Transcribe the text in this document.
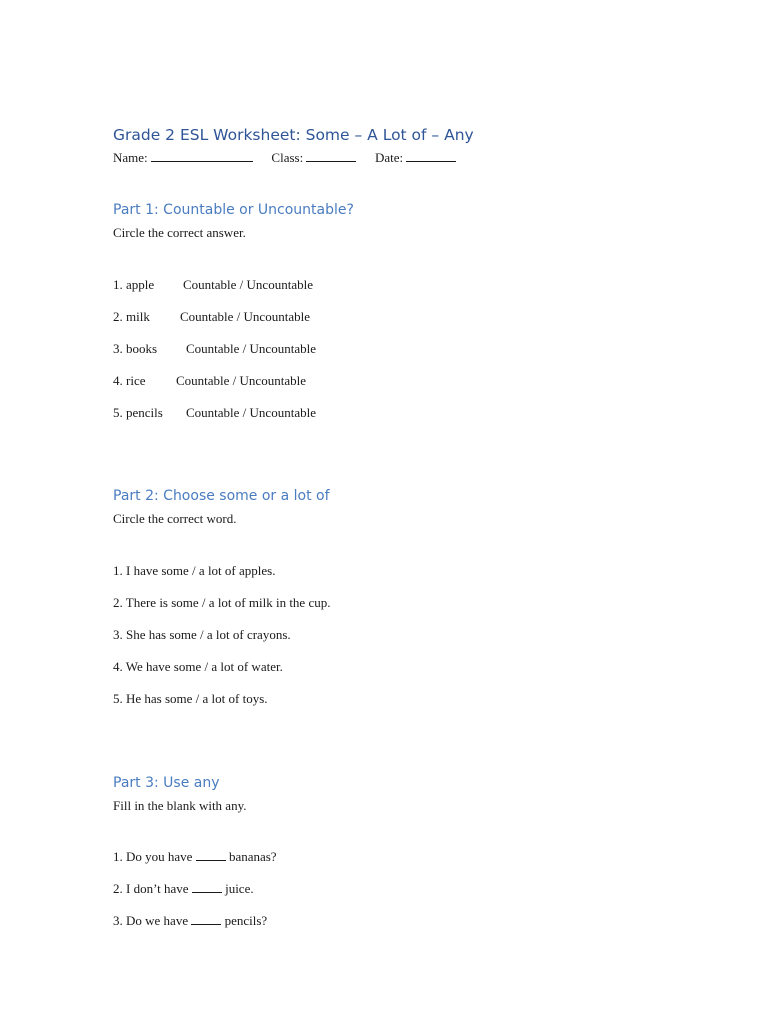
Grade 2 ESL Worksheet: Some – A Lot of – Any
Name:	Class:	Date:
Part 1: Countable or Uncountable?
Circle the correct answer.
1. apple Countable / Uncountable
2. milk Countable / Uncountable
3. books Countable / Uncountable
4. rice Countable / Uncountable
5. pencils Countable / Uncountable
Part 2: Choose some or a lot of
Circle the correct word.
1. I have some / a lot of apples.
2. There is some / a lot of milk in the cup.
3. She has some / a lot of crayons.
4. We have some / a lot of water.
5. He has some / a lot of toys.
Part 3: Use any
Fill in the blank with any.
1. Do you have	bananas?
2. I don’t have	juice.
3. Do we have	pencils?
